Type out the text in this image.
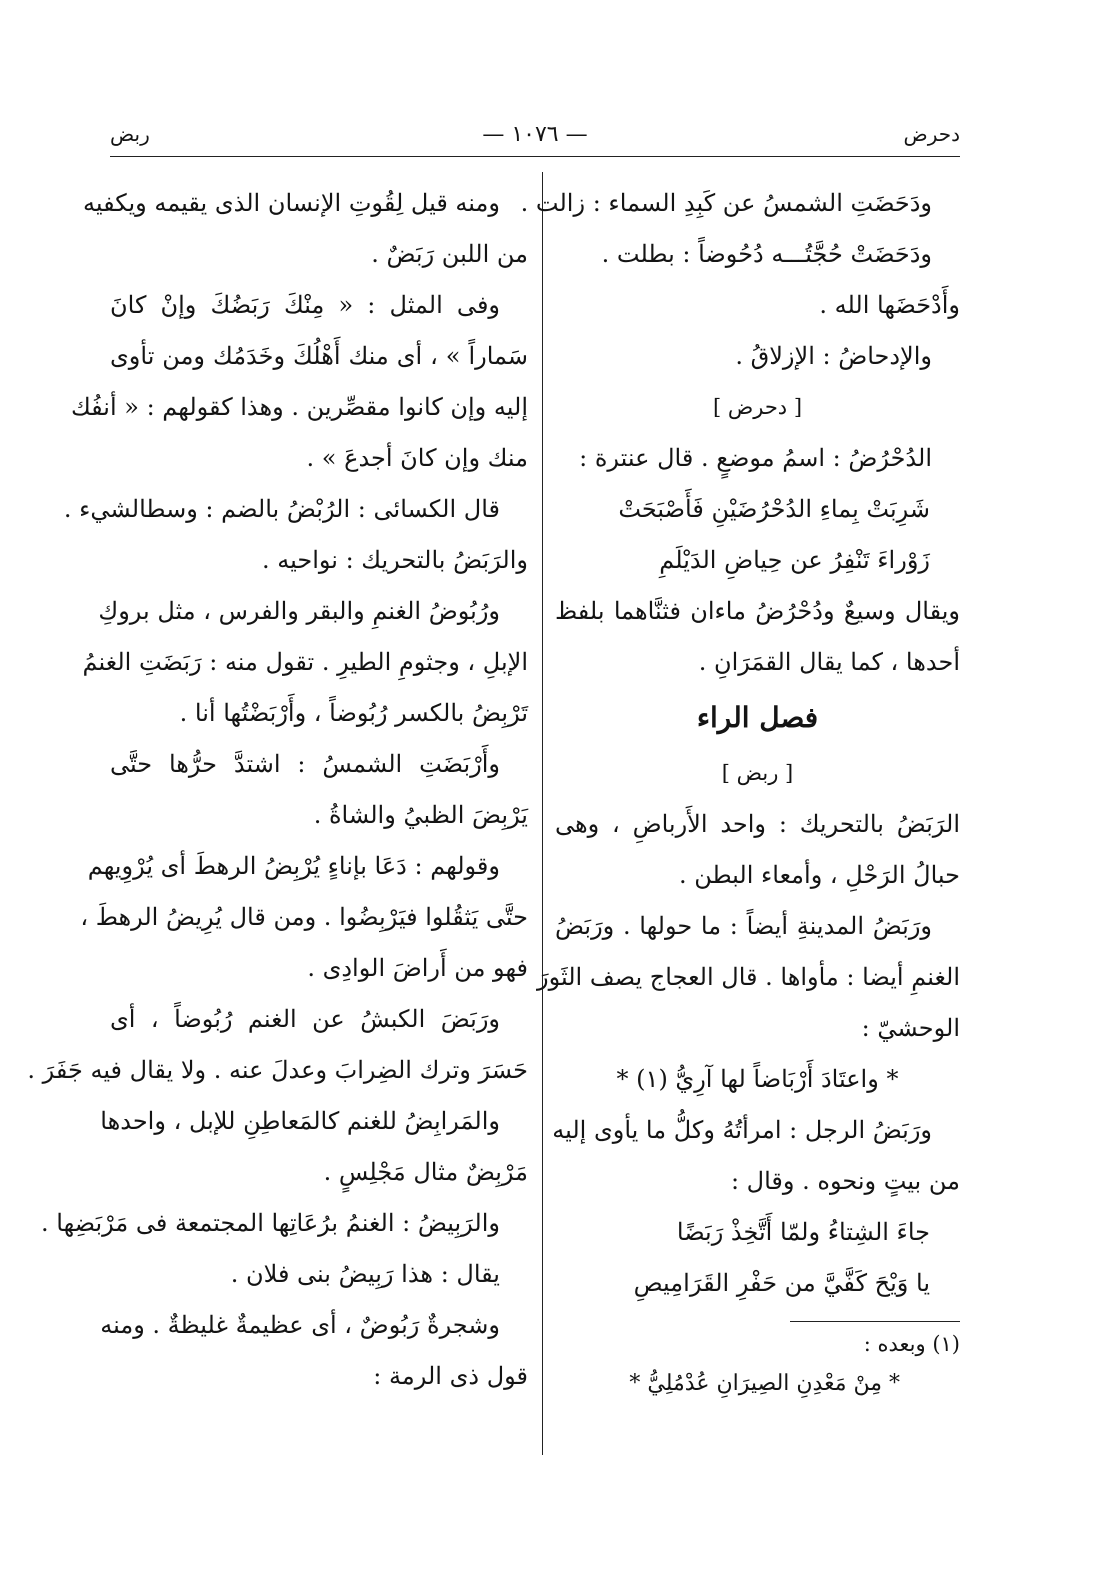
دحرض
— ١٠٧٦ —
ربض
ودَحَضَتِ الشمسُ عن كَبِدِ السماء : زالت .
ودَحَضَتْ حُجَّتُـــه دُحُوضاً : بطلت .
وأَدْحَضَها الله .
والإدحاضُ : الإزلاقُ .
[ دحرض ]
الدُحْرُضُ : اسمُ موضعٍ . قال عنترة :
شَرِبَتْ بِماءِ الدُحْرُضَيْنِ فَأَصْبَحَتْ
زَوْراءَ تَنْفِرُ عن حِياضِ الدَيْلَمِ
ويقال وسيعٌ ودُحْرُضُ ماءان فثنَّاهما بلفظ
أحدها ، كما يقال القمَرَانِ .
فصل الراء
[ ربض ]
الرَبَضُ بالتحريك : واحد الأَرباضِ ، وهى
حبالُ الرَحْلِ ، وأمعاء البطن .
ورَبَضُ المدينةِ أيضاً : ما حولها . ورَبَضُ
الغنمِ أيضا : مأواها . قال العجاج يصف الثَورَ
الوحشيّ :
* واعتَادَ أَرْبَاضاً لها آرِيُّ (١) *
ورَبَضُ الرجل : امرأتُهُ وكلُّ ما يأوى إليه
من بيتٍ ونحوه . وقال :
جاءَ الشِتاءُ ولمّا أَتَّخِذْ رَبَضًا
يا وَيْحَ كَفَّيَّ من حَفْرِ القَرَامِيصِ
(١) وبعده :
* مِنْ مَعْدِنِ الصِيرَانِ عُدْمُلِيُّ *
ومنه قيل لِقُوتِ الإنسان الذى يقيمه ويكفيه
من اللبن رَبَضٌ .
وفى المثل : « مِنْكَ رَبَضُكَ وإنْ كانَ
سَماراً » ، أى منك أَهْلُكَ وخَدَمُك ومن تأوى
إليه وإن كانوا مقصِّرين . وهذا كقولهم : « أنفُك
منك وإن كانَ أجدعَ » .
قال الكسائى : الرُبْضُ بالضم : وسطالشيء .
والرَبَضُ بالتحريك : نواحيه .
ورُبُوضُ الغنمِ والبقر والفرس ، مثل بروكِ
الإبلِ ، وجثومِ الطيرِ . تقول منه : رَبَضَتِ الغنمُ
تَرْبِضُ بالكسر رُبُوضاً ، وأَرْبَضْتُها أنا .
وأَرْبَضَتِ الشمسُ : اشتدَّ حرُّها حتَّى
يَرْبِضَ الظبيُ والشاةُ .
وقولهم : دَعَا بإناءٍ يُرْبِضُ الرهطَ أى يُرْوِيهم
حتَّى يَثقُلوا فيَرْبِضُوا . ومن قال يُرِيضُ الرهطَ ،
فهو من أَراضَ الوادِى .
ورَبَضَ الكبشُ عن الغنم رُبُوضاً ، أى
حَسَرَ وترك الضِرابَ وعدلَ عنه . ولا يقال فيه جَفَرَ .
والمَرابِضُ للغنم كالمَعاطِنِ للإبل ، واحدها
مَرْبِضٌ مثال مَجْلِسٍ .
والرَبِيضُ : الغنمُ برُعَاتِها المجتمعة فى مَرْبَضِها .
يقال : هذا رَبِيضُ بنى فلان .
وشجرةٌ رَبُوضٌ ، أى عظيمةٌ غليظةٌ . ومنه
قول ذى الرمة :
